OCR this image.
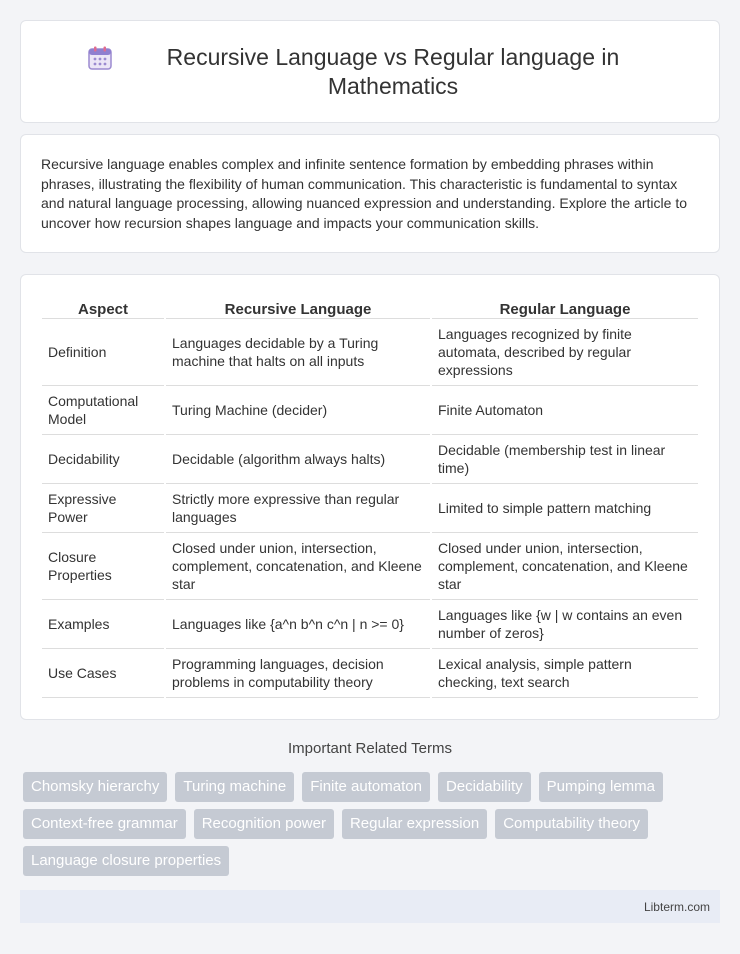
Recursive Language vs Regular language in Mathematics

Recursive language enables complex and infinite sentence formation by embedding phrases within phrases, illustrating the flexibility of human communication. This characteristic is fundamental to syntax and natural language processing, allowing nuanced expression and understanding. Explore the article to uncover how recursion shapes language and impacts your communication skills.

Aspect	Recursive Language	Regular Language
Definition	Languages decidable by a Turing machine that halts on all inputs	Languages recognized by finite automata, described by regular expressions
Computational Model	Turing Machine (decider)	Finite Automaton
Decidability	Decidable (algorithm always halts)	Decidable (membership test in linear time)
Expressive Power	Strictly more expressive than regular languages	Limited to simple pattern matching
Closure Properties	Closed under union, intersection, complement, concatenation, and Kleene star	Closed under union, intersection, complement, concatenation, and Kleene star
Examples	Languages like {a^n b^n c^n | n >= 0}	Languages like {w | w contains an even number of zeros}
Use Cases	Programming languages, decision problems in computability theory	Lexical analysis, simple pattern checking, text search
Important Related Terms
Chomsky hierarchy	Turing machine	Finite automaton	Decidability	Pumping lemma
Context-free grammar	Recognition power	Regular expression	Computability theory
Language closure properties
Libterm.com
